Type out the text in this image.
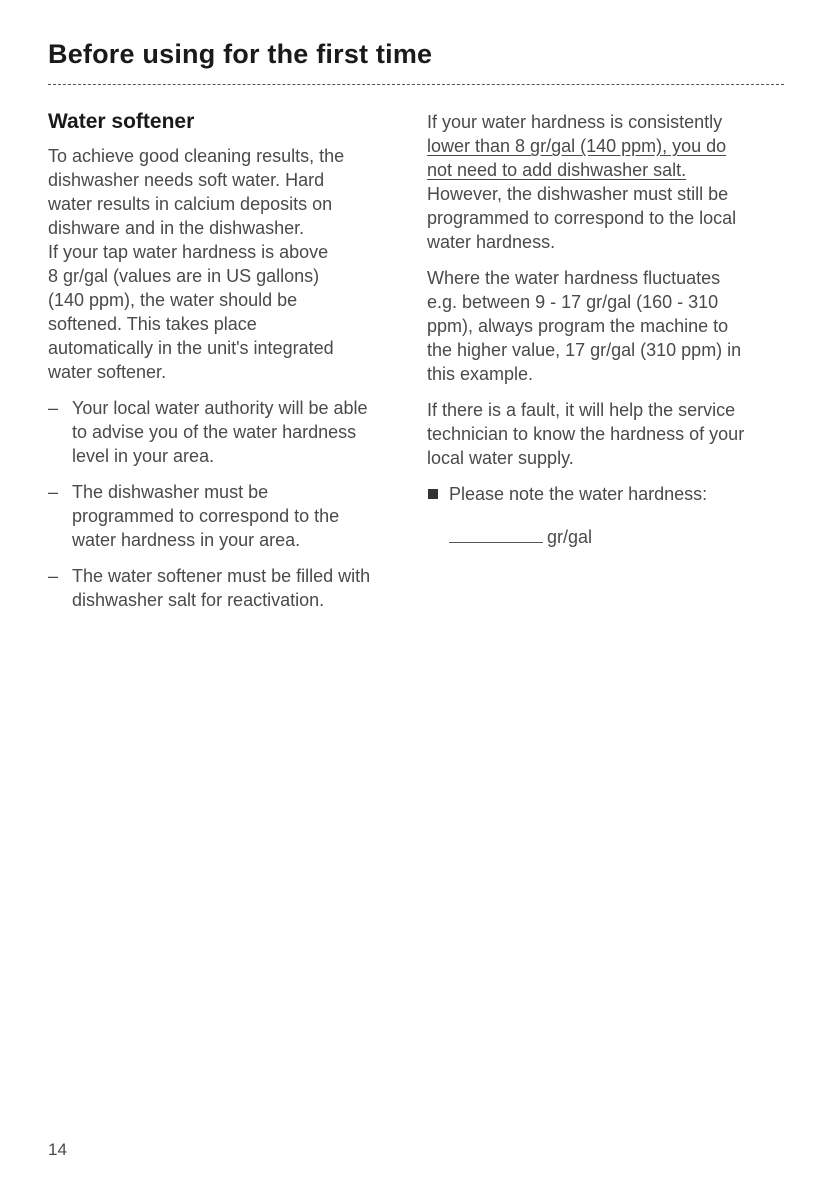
Before using for the first time
Water softener

To achieve good cleaning results, the
dishwasher needs soft water. Hard
water results in calcium deposits on
dishware and in the dishwasher.
If your tap water hardness is above
8 gr/gal (values are in US gallons)
(140 ppm), the water should be
softened. This takes place
automatically in the unit's integrated
water softener.

– Your local water authority will be able
to advise you of the water hardness
level in your area.
– The dishwasher must be
programmed to correspond to the
water hardness in your area.
– The water softener must be filled with
dishwasher salt for reactivation.

If your water hardness is consistently
lower than 8 gr/gal (140 ppm), you do
not need to add dishwasher salt.
However, the dishwasher must still be
programmed to correspond to the local
water hardness.

Where the water hardness fluctuates
e.g. between 9 - 17 gr/gal (160 - 310
ppm), always program the machine to
the higher value, 17 gr/gal (310 ppm) in
this example.

If there is a fault, it will help the service
technician to know the hardness of your
local water supply.

Please note the water hardness:
gr/gal
14
